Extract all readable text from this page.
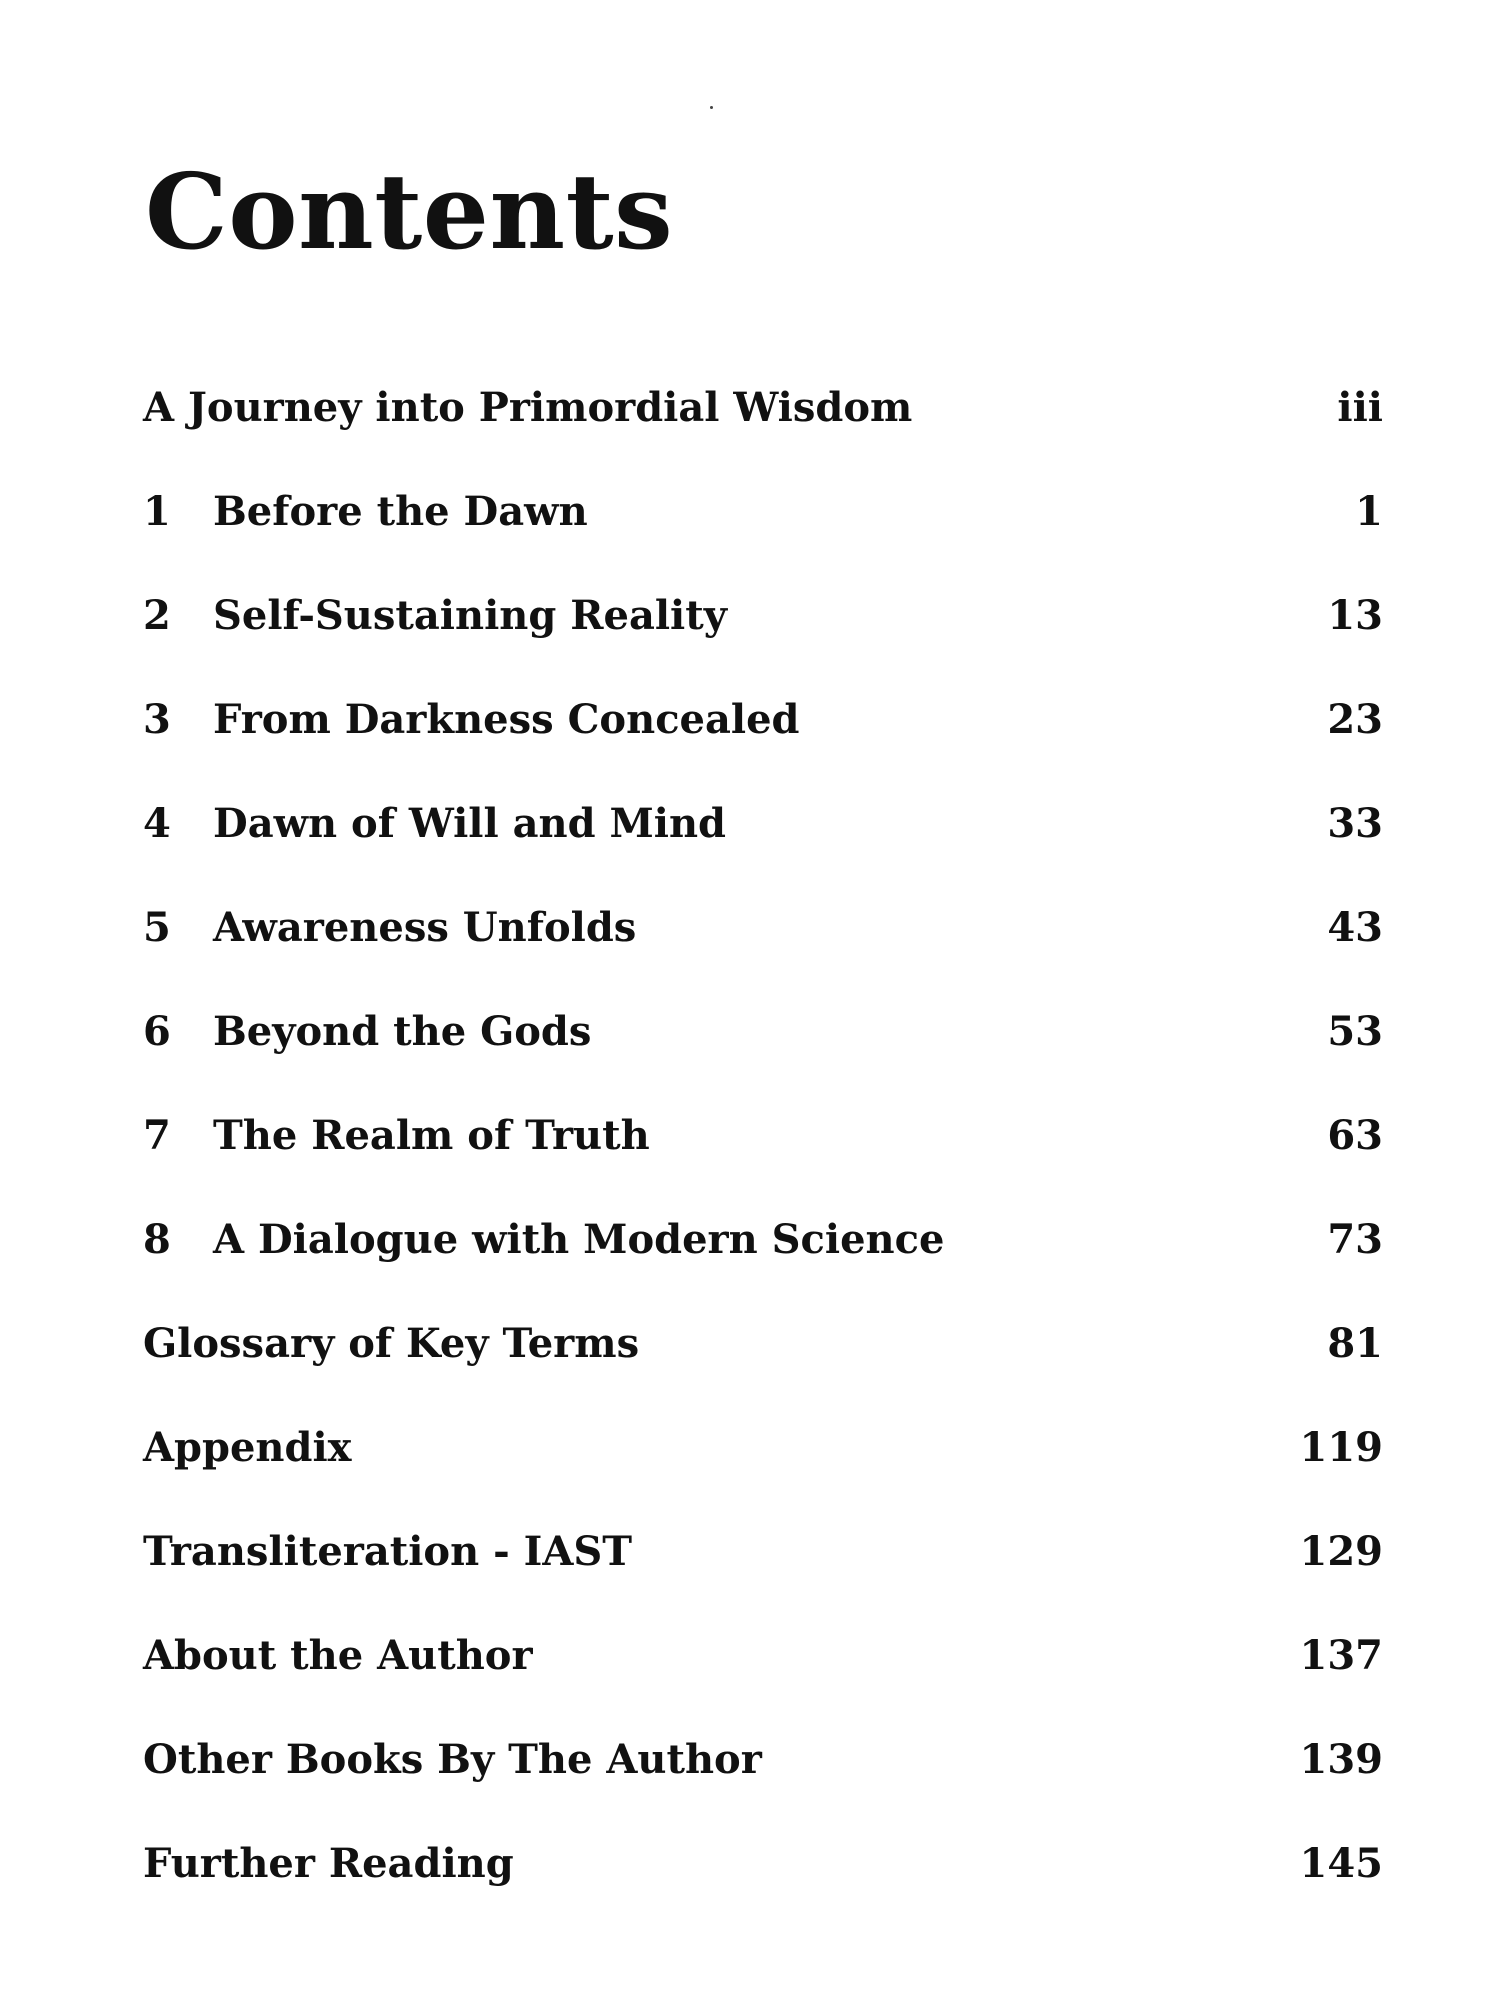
Contents
A Journey into Primordial Wisdom	iii
1	Before the Dawn	1
2	Self-Sustaining Reality	13
3	From Darkness Concealed	23
4	Dawn of Will and Mind	33
5	Awareness Unfolds	43
6	Beyond the Gods	53
7	The Realm of Truth	63
8	A Dialogue with Modern Science	73
Glossary of Key Terms	81
Appendix	119
Transliteration - IAST	129
About the Author	137
Other Books By The Author	139
Further Reading	145
